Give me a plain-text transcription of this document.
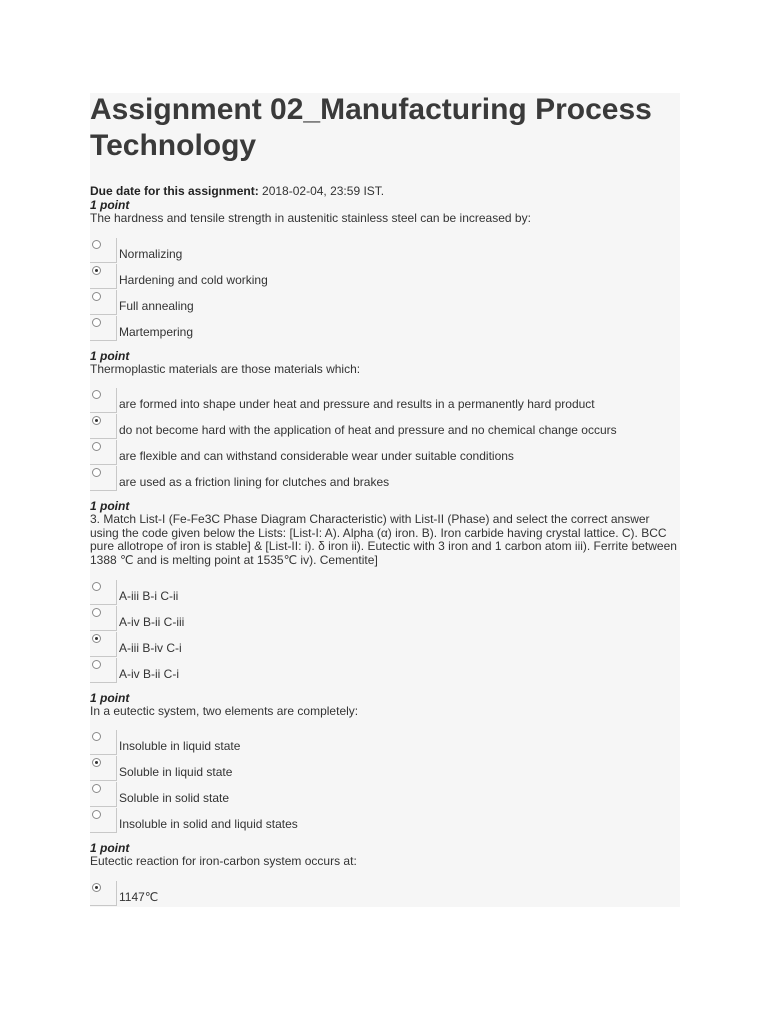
Assignment 02_Manufacturing Process Technology
Due date for this assignment: 2018-02-04, 23:59 IST.
1 point
The hardness and tensile strength in austenitic stainless steel can be increased by:
Normalizing
Hardening and cold working
Full annealing
Martempering
1 point
Thermoplastic materials are those materials which:
are formed into shape under heat and pressure and results in a permanently hard product
do not become hard with the application of heat and pressure and no chemical change occurs
are flexible and can withstand considerable wear under suitable conditions
are used as a friction lining for clutches and brakes
1 point
3. Match List-I (Fe-Fe3C Phase Diagram Characteristic) with List-II (Phase) and select the correct answer using the code given below the Lists: [List-I: A). Alpha (α) iron. B). Iron carbide having crystal lattice. C). BCC pure allotrope of iron is stable] & [List-II: i). δ iron ii). Eutectic with 3 iron and 1 carbon atom iii). Ferrite between 1388 ℃ and is melting point at 1535℃ iv). Cementite]
A-iii B-i C-ii
A-iv B-ii C-iii
A-iii B-iv C-i
A-iv B-ii C-i
1 point
In a eutectic system, two elements are completely:
Insoluble in liquid state
Soluble in liquid state
Soluble in solid state
Insoluble in solid and liquid states
1 point
Eutectic reaction for iron-carbon system occurs at:
1147℃
